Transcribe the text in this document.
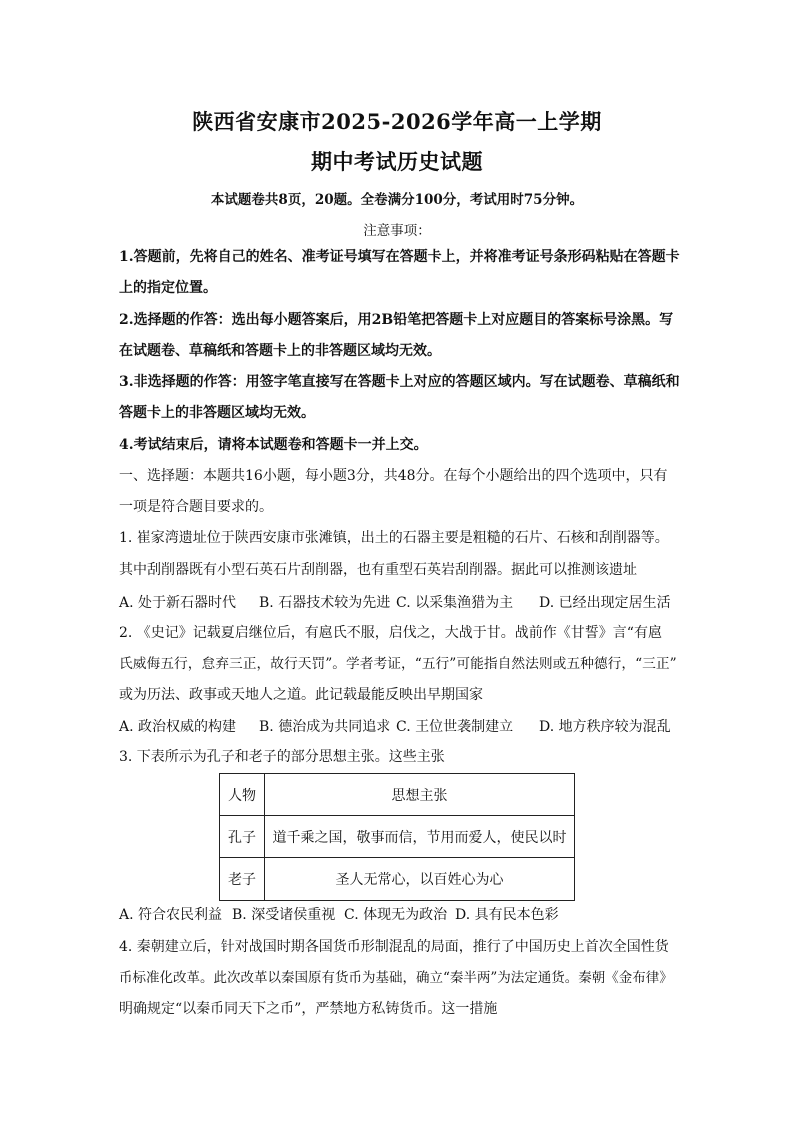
陕西省安康市2025-2026学年高一上学期
期中考试历史试题
本试题卷共8页，20题。全卷满分100分，考试用时75分钟。
注意事项：
1.答题前，先将自己的姓名、准考证号填写在答题卡上，并将准考证号条形码粘贴在答题卡
上的指定位置。
2.选择题的作答：选出每小题答案后，用2B铅笔把答题卡上对应题目的答案标号涂黑。写
在试题卷、草稿纸和答题卡上的非答题区域均无效。
3.非选择题的作答：用签字笔直接写在答题卡上对应的答题区域内。写在试题卷、草稿纸和
答题卡上的非答题区域均无效。
4.考试结束后，请将本试题卷和答题卡一并上交。
一、选择题：本题共16小题，每小题3分，共48分。在每个小题给出的四个选项中，只有
一项是符合题目要求的。
1. 崔家湾遗址位于陕西安康市张滩镇，出土的石器主要是粗糙的石片、石核和刮削器等。
其中刮削器既有小型石英石片刮削器，也有重型石英岩刮削器。据此可以推测该遗址
A. 处于新石器时代 B. 石器技术较为先进 C. 以采集渔猎为主 D. 已经出现定居生活
2. 《史记》记载夏启继位后，有扈氏不服，启伐之，大战于甘。战前作《甘誓》言“有扈
氏威侮五行，怠弃三正，故行天罚”。学者考证，“五行”可能指自然法则或五种德行，“三正”
或为历法、政事或天地人之道。此记载最能反映出早期国家
A. 政治权威的构建 B. 德治成为共同追求 C. 王位世袭制建立 D. 地方秩序较为混乱
3. 下表所示为孔子和老子的部分思想主张。这些主张
人物	思想主张
孔子	道千乘之国，敬事而信，节用而爱人，使民以时
老子	圣人无常心，以百姓心为心
A. 符合农民利益 B. 深受诸侯重视 C. 体现无为政治 D. 具有民本色彩
4. 秦朝建立后，针对战国时期各国货币形制混乱的局面，推行了中国历史上首次全国性货
币标准化改革。此次改革以秦国原有货币为基础，确立“秦半两”为法定通货。秦朝《金布律》
明确规定“以秦币同天下之币”，严禁地方私铸货币。这一措施
